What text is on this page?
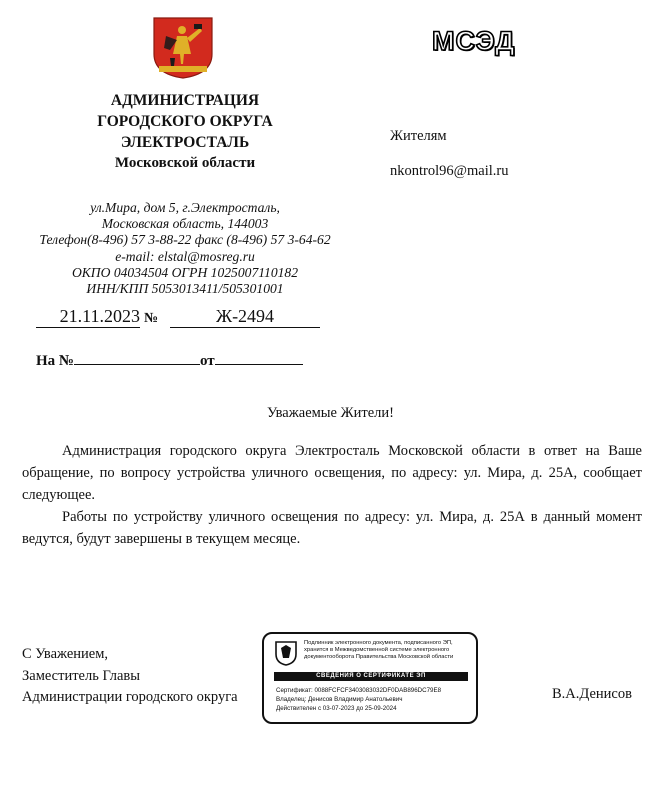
МСЭД
АДМИНИСТРАЦИЯ
ГОРОДСКОГО ОКРУГА
ЭЛЕКТРОСТАЛЬ
Московской области
ул.Мира, дом 5, г.Электросталь,
Московская область, 144003
Телефон(8-496) 57 3-88-22 факс (8-496) 57 3-64-62
e-mail: elstal@mosreg.ru
ОКПО 04034504 ОГРН 1025007110182
ИНН/КПП 5053013411/505301001
Жителям
nkontrol96@mail.ru
21.11.2023 №	Ж-2494
На №	от
Уважаемые Жители!

Администрация городского округа Электросталь Московской области в ответ на Ваше обращение, по вопросу устройства уличного освещения, по адресу: ул. Мира, д. 25А, сообщает следующее.

Работы по устройству уличного освещения по адресу: ул. Мира, д. 25А в данный момент ведутся, будут завершены в текущем месяце.

С Уважением,
Заместитель Главы
Администрации городского округа	В.А.Денисов
Подлинник электронного документа, подписанного ЭП,
хранится в Межведомственной системе электронного
документооборота Правительства Московской области
СВЕДЕНИЯ О СЕРТИФИКАТЕ ЭП
Сертификат: 0088FCFCF3403083032DF0DAB896DC79E8
Владелец: Денисов Владимир Анатольевич
Действителен с 03-07-2023 до 25-09-2024
